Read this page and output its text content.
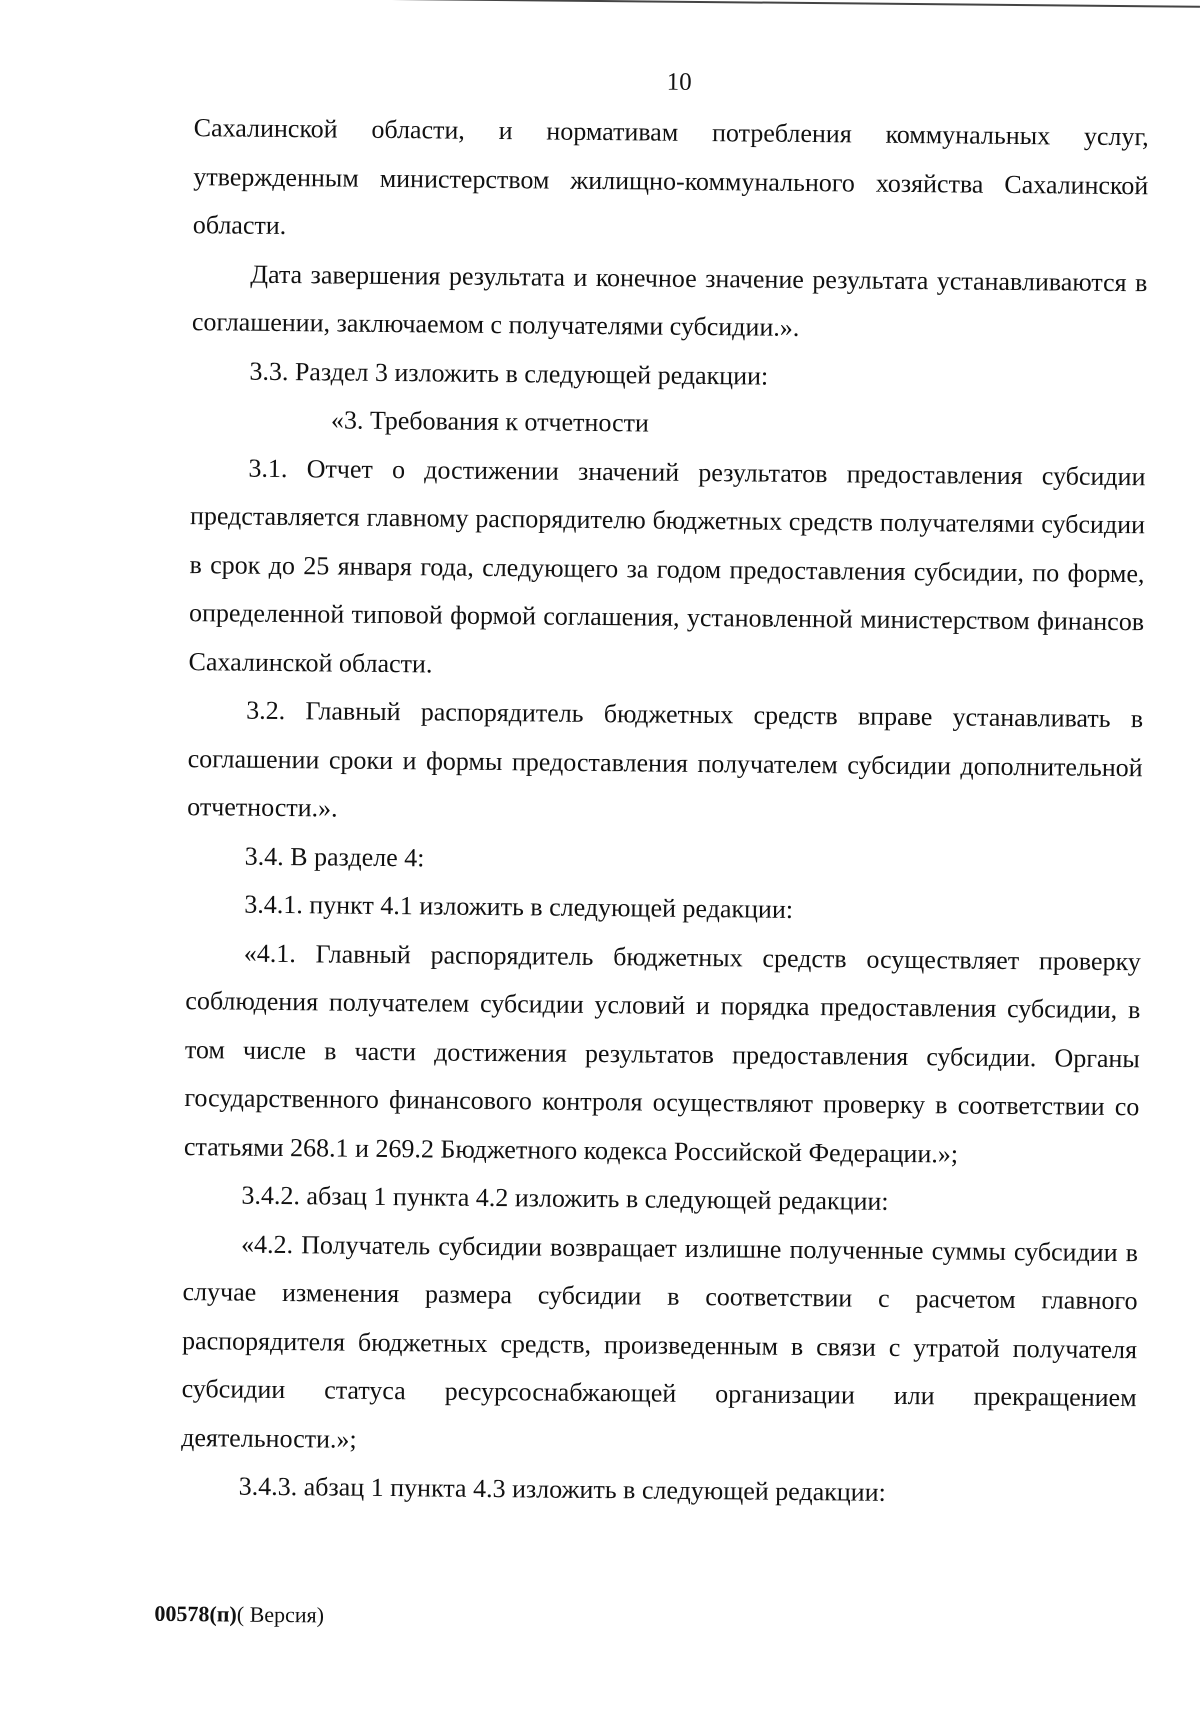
10

Сахалинской области, и нормативам потребления коммунальных услуг, утвержденным министерством жилищно-коммунального хозяйства Сахалинской области.

Дата завершения результата и конечное значение результата устанавливаются в соглашении, заключаемом с получателями субсидии.».

3.3. Раздел 3 изложить в следующей редакции:

«3. Требования к отчетности

3.1. Отчет о достижении значений результатов предоставления субсидии представляется главному распорядителю бюджетных средств получателями субсидии в срок до 25 января года, следующего за годом предоставления субсидии, по форме, определенной типовой формой соглашения, установленной министерством финансов Сахалинской области.

3.2. Главный распорядитель бюджетных средств вправе устанавливать в соглашении сроки и формы предоставления получателем субсидии дополнительной отчетности.».

3.4. В разделе 4:

3.4.1. пункт 4.1 изложить в следующей редакции:

«4.1. Главный распорядитель бюджетных средств осуществляет проверку соблюдения получателем субсидии условий и порядка предоставления субсидии, в том числе в части достижения результатов предоставления субсидии. Органы государственного финансового контроля осуществляют проверку в соответствии со статьями 268.1 и 269.2 Бюджетного кодекса Российской Федерации.»;

3.4.2. абзац 1 пункта 4.2 изложить в следующей редакции:

«4.2. Получатель субсидии возвращает излишне полученные суммы субсидии в случае изменения размера субсидии в соответствии с расчетом главного распорядителя бюджетных средств, произведенным в связи с утратой получателя субсидии статуса ресурсоснабжающей организации или прекращением деятельности.»;

3.4.3. абзац 1 пункта 4.3 изложить в следующей редакции:

00578(п)( Версия)
